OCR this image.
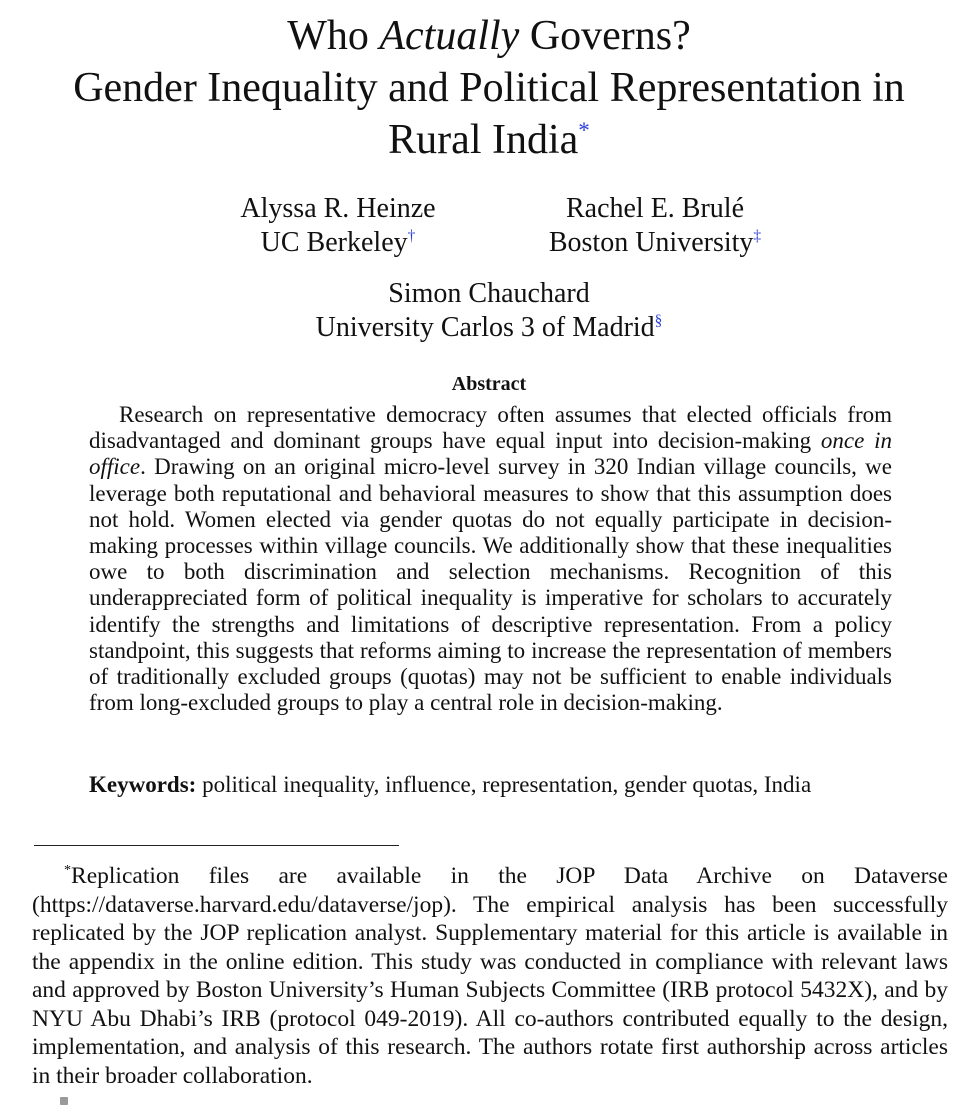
Who Actually Governs?
Gender Inequality and Political Representation in
Rural India*
Alyssa R. Heinze
UC Berkeley†
Rachel E. Brulé
Boston University‡
Simon Chauchard
University Carlos 3 of Madrid§
Abstract
Research on representative democracy often assumes that elected officials from disadvantaged and dominant groups have equal input into decision-making once in office. Drawing on an original micro-level survey in 320 Indian village councils, we leverage both reputational and behavioral measures to show that this assumption does not hold. Women elected via gender quotas do not equally participate in decision-making processes within village councils. We additionally show that these inequalities owe to both discrimination and selection mechanisms. Recognition of this underappreciated form of political inequality is imperative for scholars to accurately identify the strengths and limitations of descriptive representation. From a policy standpoint, this suggests that reforms aiming to increase the representation of members of traditionally excluded groups (quotas) may not be sufficient to enable individuals from long-excluded groups to play a central role in decision-making.
Keywords: political inequality, influence, representation, gender quotas, India
*Replication files are available in the JOP Data Archive on Dataverse (https://dataverse.harvard.edu/dataverse/jop). The empirical analysis has been successfully replicated by the JOP replication analyst. Supplementary material for this article is available in the appendix in the online edition. This study was conducted in compliance with relevant laws and approved by Boston University’s Human Subjects Committee (IRB protocol 5432X), and by NYU Abu Dhabi’s IRB (protocol 049-2019). All co-authors contributed equally to the design, implementation, and analysis of this research. The authors rotate first authorship across articles in their broader collaboration.
